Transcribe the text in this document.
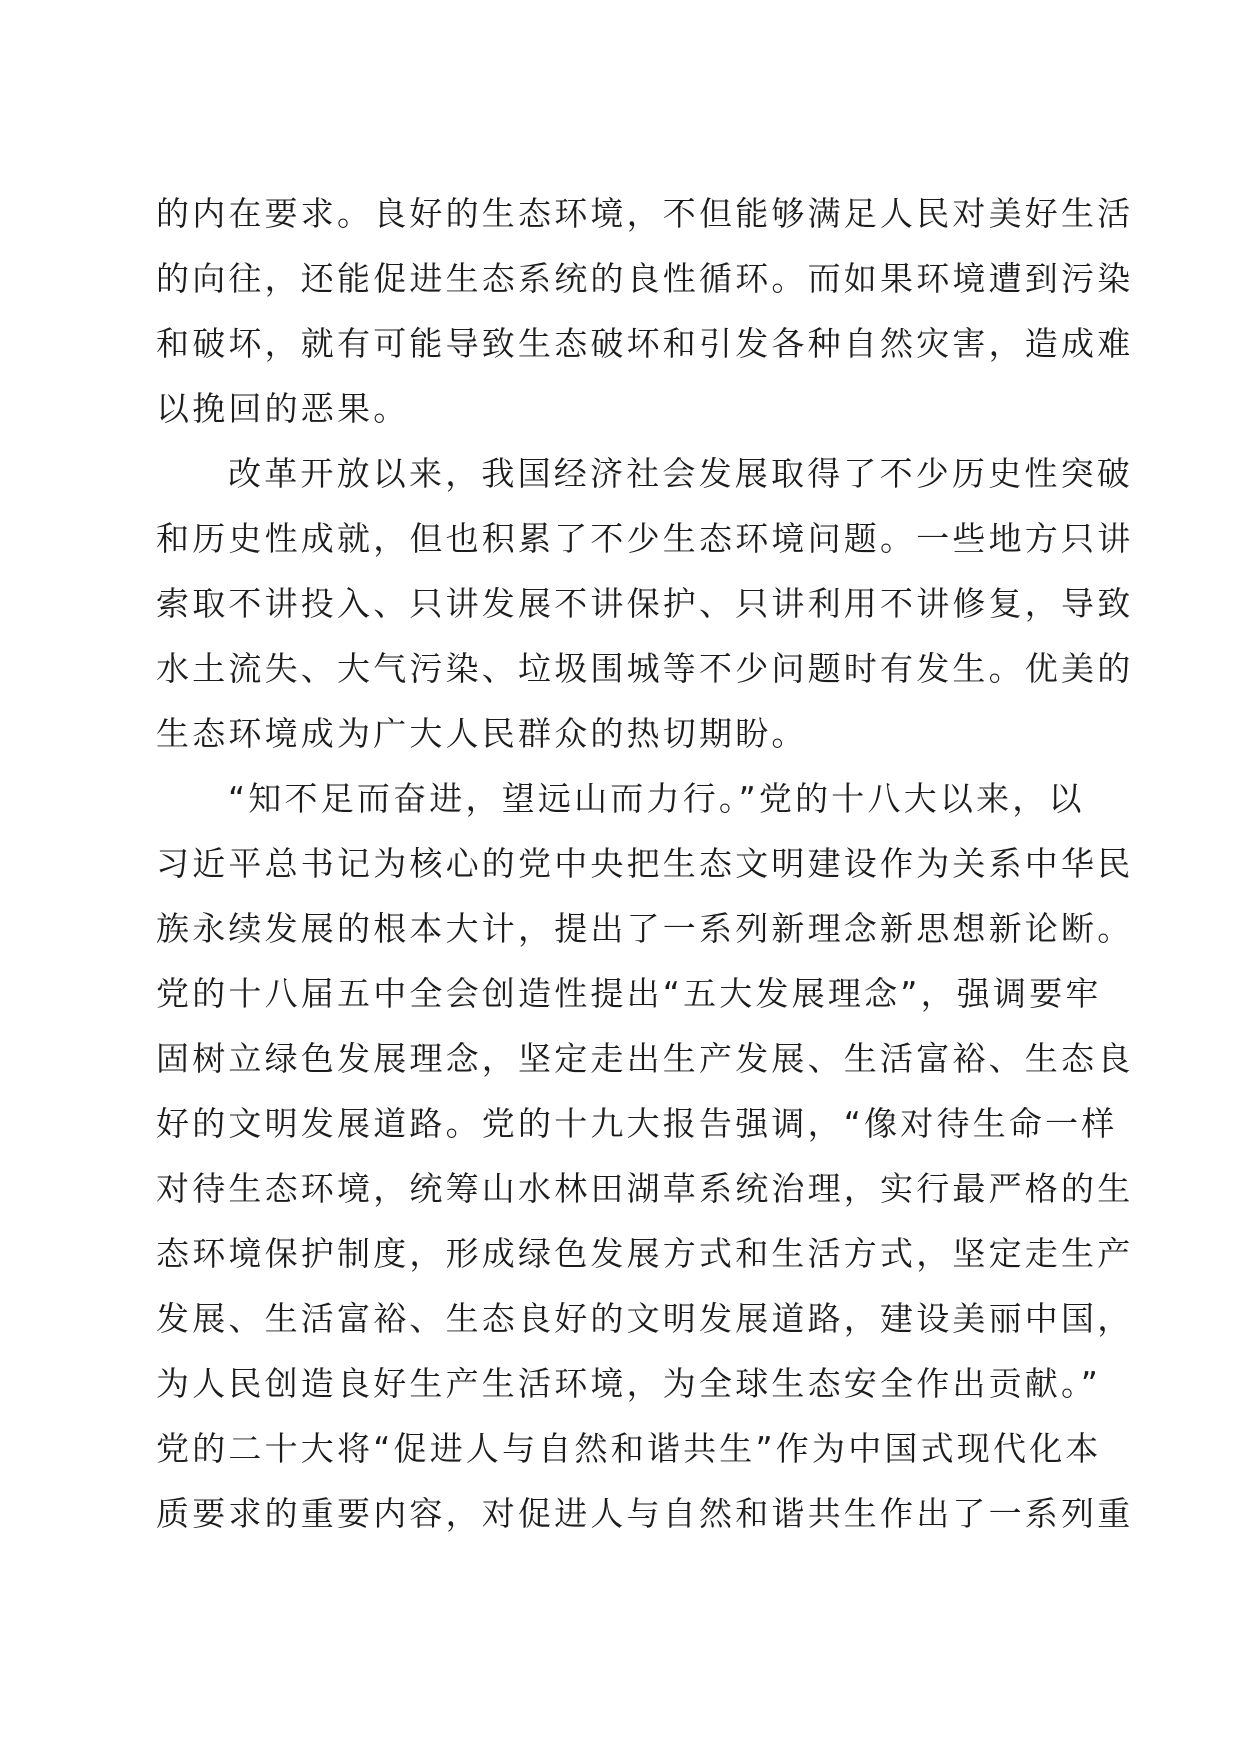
的内在要求。良好的生态环境，不但能够满足人民对美好生活
的向往，还能促进生态系统的良性循环。而如果环境遭到污染
和破坏，就有可能导致生态破坏和引发各种自然灾害，造成难
以挽回的恶果。
改革开放以来，我国经济社会发展取得了不少历史性突破
和历史性成就，但也积累了不少生态环境问题。一些地方只讲
索取不讲投入、只讲发展不讲保护、只讲利用不讲修复，导致
水土流失、大气污染、垃圾围城等不少问题时有发生。优美的
生态环境成为广大人民群众的热切期盼。
“知不足而奋进，望远山而力行。”党的十八大以来，以
习近平总书记为核心的党中央把生态文明建设作为关系中华民
族永续发展的根本大计，提出了一系列新理念新思想新论断。
党的十八届五中全会创造性提出“五大发展理念”，强调要牢
固树立绿色发展理念，坚定走出生产发展、生活富裕、生态良
好的文明发展道路。党的十九大报告强调，“像对待生命一样
对待生态环境，统筹山水林田湖草系统治理，实行最严格的生
态环境保护制度，形成绿色发展方式和生活方式，坚定走生产
发展、生活富裕、生态良好的文明发展道路，建设美丽中国，
为人民创造良好生产生活环境，为全球生态安全作出贡献。”
党的二十大将“促进人与自然和谐共生”作为中国式现代化本
质要求的重要内容，对促进人与自然和谐共生作出了一系列重
